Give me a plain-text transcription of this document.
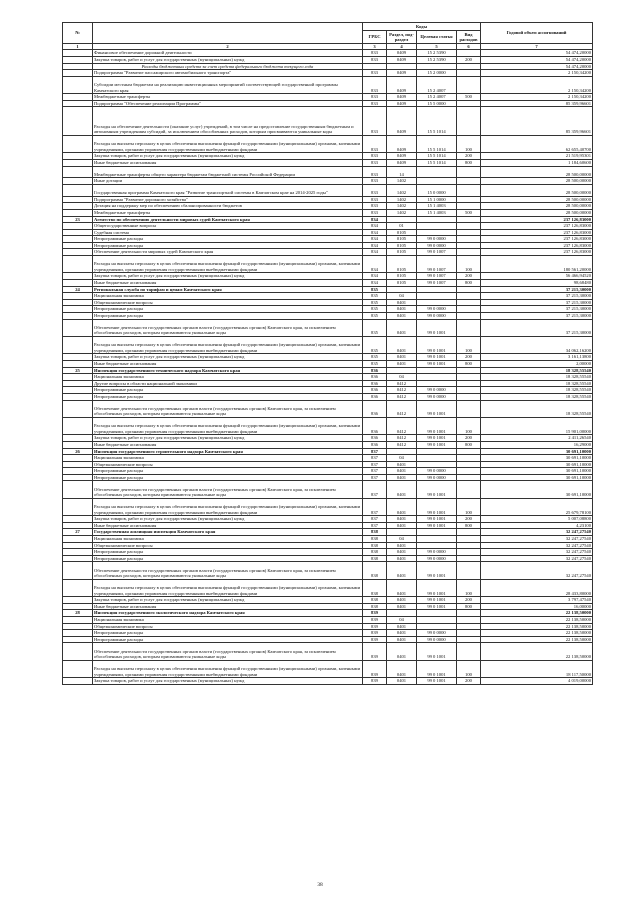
№		Коды				Годовой объем ассигнований
		ГРБС	Раздел, под-раздел	Целевая статья	Вид расходов	
1	2	3	4	5	6	7
	Финансовое обеспечение дорожной деятельности	833	0409	15 2 5390		54 474,20000
	Закупка товаров, работ и услуг для государственных (муниципальных) нужд	833	0409	15 2 5390	200	54 474,20000
	Расходы бюджетных средств за счет средств федерального бюджета текущего года					54 474,20000
	Подпрограмма "Развитие пассажирского автомобильного транспорта"	833	0409	15 2 0000		2 150,34200
	Субсидии местным бюджетам на реализацию инвестиционных мероприятий соответствующей государственной программы Камчатского края	833	0409	15 2 4007		2 150,34200
	Межбюджетные трансферты	833	0409	15 2 4007	500	2 150,34200
	Подпрограмма "Обеспечение реализации Программы"	833	0409	15 5 0000		85 359,96601
	Расходы на обеспечение деятельности (оказание услуг) учреждений, в том числе на предоставление государственным бюджетным и автономным учреждениям субсидий, за исключением обособленных расходов, которым присваиваются уникальные коды	833	0409	15 5 1014		85 359,96601
	Расходы на выплаты персоналу в целях обеспечения выполнения функций государственными (муниципальными) органами, казенными учреждениями, органами управления государственными внебюджетными фондами	833	0409	15 5 1014	100	62 655,40700
	Закупка товаров, работ и услуг для государственных (муниципальных) нужд	833	0409	15 5 1014	200	21 519,95301
	Иные бюджетные ассигнования	833	0409	15 5 1014	800	1 184,60600
	Межбюджетные трансферты общего характера бюджетам бюджетной системы Российской Федерации	833	14			28 500,00000
	Иные дотации	833	1402			28 500,00000
	Государственная программа Камчатского края "Развитие транспортной системы в Камчатском крае на 2014-2025 годы"	833	1402	15 0 0000		28 500,00000
	Подпрограмма "Развитие дорожного хозяйства"	833	1402	15 1 0000		28 500,00000
	Дотация на поддержку мер по обеспечению сбалансированности бюджетов	833	1402	15 1 4003		28 500,00000
	Межбюджетные трансферты	833	1402	15 1 4003	500	28 500,00000
23	Агентство по обеспечению деятельности мировых судей Камчатского края	834				237 126,83000
	Общегосударственные вопросы	834	01			237 126,83000
	Судебная система	834	0105			237 126,83000
	Непрограммные расходы	834	0105	99 0 0000		237 126,83000
	Непрограммные расходы	834	0105	99 0 0000		237 126,83000
	Обеспечение деятельности мировых судей Камчатского края	834	0105	99 0 1007		237 126,83000
	Расходы на выплаты персоналу в целях обеспечения выполнения функций государственными (муниципальными) органами, казенными учреждениями, органами управления государственными внебюджетными фондами	834	0105	99 0 1007	100	180 561,20000
	Закупка товаров, работ и услуг для государственных (муниципальных) нужд	834	0105	99 0 1007	200	56 466,94520
	Иные бюджетные ассигнования	834	0105	99 0 1007	800	98,68480
24	Региональная служба по тарифам и ценам Камчатского края	835				37 215,30000
	Национальная экономика	835	04			37 215,30000
	Общеэкономические вопросы	835	0401			37 215,30000
	Непрограммные расходы	835	0401	99 0 0000		37 215,30000
	Непрограммные расходы	835	0401	99 0 0000		37 215,30000
	Обеспечение деятельности государственных органов власти (государственных органов) Камчатского края, за исключением обособленных расходов, которым присваиваются уникальные коды	835	0401	99 0 1001		37 215,30000
	Расходы на выплаты персоналу в целях обеспечения выполнения функций государственными (муниципальными) органами, казенными учреждениями, органами управления государственными внебюджетными фондами	835	0401	99 0 1001	100	34 062,16200
	Закупка товаров, работ и услуг для государственных (муниципальных) нужд	835	0401	99 0 1001	200	3 161,13800
	Иные бюджетные ассигнования	835	0401	99 0 1001	800	2,00000
25	Инспекция государственного технического надзора Камчатского края	836				18 328,55540
	Национальная экономика	836	04			18 328,55540
	Другие вопросы в области национальной экономики	836	0412			18 328,55540
	Непрограммные расходы	836	0412	99 0 0000		18 328,55540
	Непрограммные расходы	836	0412	99 0 0000		18 328,55540
	Обеспечение деятельности государственных органов власти (государственных органов) Камчатского края, за исключением обособленных расходов, которым присваиваются уникальные коды	836	0412	99 0 1001		18 328,55540
	Расходы на выплаты персоналу в целях обеспечения выполнения функций государственными (муниципальными) органами, казенными учреждениями, органами управления государственными внебюджетными фондами	836	0412	99 0 1001	100	15 901,00000
	Закупка товаров, работ и услуг для государственных (муниципальных) нужд	836	0412	99 0 1001	200	2 411,26540
	Иные бюджетные ассигнования	836	0412	99 0 1001	800	16,29000
26	Инспекция государственного строительного надзора Камчатского края	837				30 691,10000
	Национальная экономика	837	04			30 691,10000
	Общеэкономические вопросы	837	0401			30 691,10000
	Непрограммные расходы	837	0401	99 0 0000		30 691,10000
	Непрограммные расходы	837	0401	99 0 0000		30 691,10000
	Обеспечение деятельности государственных органов власти (государственных органов) Камчатского края, за исключением обособленных расходов, которым присваиваются уникальные коды	837	0401	99 0 1001		30 691,10000
	Расходы на выплаты персоналу в целях обеспечения выполнения функций государственными (муниципальными) органами, казенными учреждениями, органами управления государственными внебюджетными фондами	837	0401	99 0 1001	100	25 679,78100
	Закупка товаров, работ и услуг для государственных (муниципальных) нужд	837	0401	99 0 1001	200	5 007,08800
	Иные бюджетные ассигнования	837	0401	99 0 1001	800	4,23100
27	Государственная жилищная инспекция Камчатского края	838				32 247,27540
	Национальная экономика	838	04			32 247,27540
	Общеэкономические вопросы	838	0401			32 247,27540
	Непрограммные расходы	838	0401	99 0 0000		32 247,27540
	Непрограммные расходы	838	0401	99 0 0000		32 247,27540
	Обеспечение деятельности государственных органов власти (государственных органов) Камчатского края, за исключением обособленных расходов, которым присваиваются уникальные коды	838	0401	99 0 1001		32 247,27540
	Расходы на выплаты персоналу в целях обеспечения выполнения функций государственными (муниципальными) органами, казенными учреждениями, органами управления государственными внебюджетными фондами	838	0401	99 0 1001	100	28 433,80000
	Закупка товаров, работ и услуг для государственных (муниципальных) нужд	838	0401	99 0 1001	200	3 797,47540
	Иные бюджетные ассигнования	838	0401	99 0 1001	800	16,00000
28	Инспекция государственного экологического надзора Камчатского края	839				22 138,50000
	Национальная экономика	839	04			22 138,50000
	Общеэкономические вопросы	839	0401			22 138,50000
	Непрограммные расходы	839	0401	99 0 0000		22 138,50000
	Непрограммные расходы	839	0401	99 0 0000		22 138,50000
	Обеспечение деятельности государственных органов власти (государственных органов) Камчатского края, за исключением обособленных расходов, которым присваиваются уникальные коды	839	0401	99 0 1001		22 138,50000
	Расходы на выплаты персоналу в целях обеспечения выполнения функций государственными (муниципальными) органами, казенными учреждениями, органами управления государственными внебюджетными фондами	839	0401	99 0 1001	100	18 117,50000
	Закупка товаров, работ и услуг для государственных (муниципальных) нужд	839	0401	99 0 1001	200	4 019,00000
38
